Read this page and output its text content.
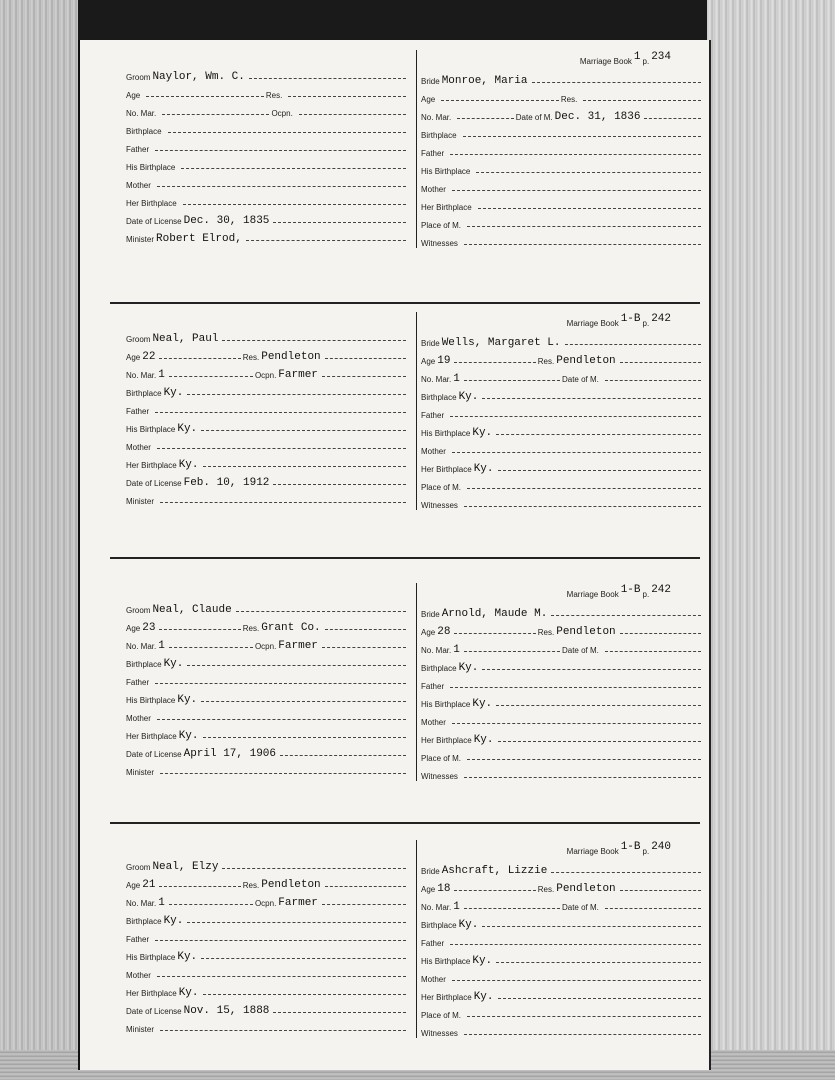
Groom Naylor, Wm. C.
Age	Res.
No. Mar.	Ocpn.
Birthplace
Father
His Birthplace
Mother
Her Birthplace
Date of License Dec. 30, 1835
Minister Robert Elrod,
Marriage Book 1 p. 234
Bride Monroe, Maria
Age	Res.
No. Mar.	Date of M. Dec. 31, 1836
Birthplace
Father
His Birthplace
Mother
Her Birthplace
Place of M.
Witnesses
Groom Neal, Paul
Age 22	Res. Pendleton
No. Mar. 1	Ocpn. Farmer
Birthplace Ky.
Father
His Birthplace Ky.
Mother
Her Birthplace Ky.
Date of License Feb. 10, 1912
Minister
Marriage Book 1-B p. 242
Bride Wells, Margaret L.
Age 19	Res. Pendleton
No. Mar. 1	Date of M.
Birthplace Ky.
Father
His Birthplace Ky.
Mother
Her Birthplace Ky.
Place of M.
Witnesses
Groom Neal, Claude
Age 23	Res. Grant Co.
No. Mar. 1	Ocpn. Farmer
Birthplace Ky.
Father
His Birthplace Ky.
Mother
Her Birthplace Ky.
Date of License April 17, 1906
Minister
Marriage Book 1-B p. 242
Bride Arnold, Maude M.
Age 28	Res. Pendleton
No. Mar. 1	Date of M.
Birthplace Ky.
Father
His Birthplace Ky.
Mother
Her Birthplace Ky.
Place of M.
Witnesses
Groom Neal, Elzy
Age 21	Res. Pendleton
No. Mar. 1	Ocpn. Farmer
Birthplace Ky.
Father
His Birthplace Ky.
Mother
Her Birthplace Ky.
Date of License Nov. 15, 1888
Minister
Marriage Book 1-B p. 240
Bride Ashcraft, Lizzie
Age 18	Res. Pendleton
No. Mar. 1	Date of M.
Birthplace Ky.
Father
His Birthplace Ky.
Mother
Her Birthplace Ky.
Place of M.
Witnesses
